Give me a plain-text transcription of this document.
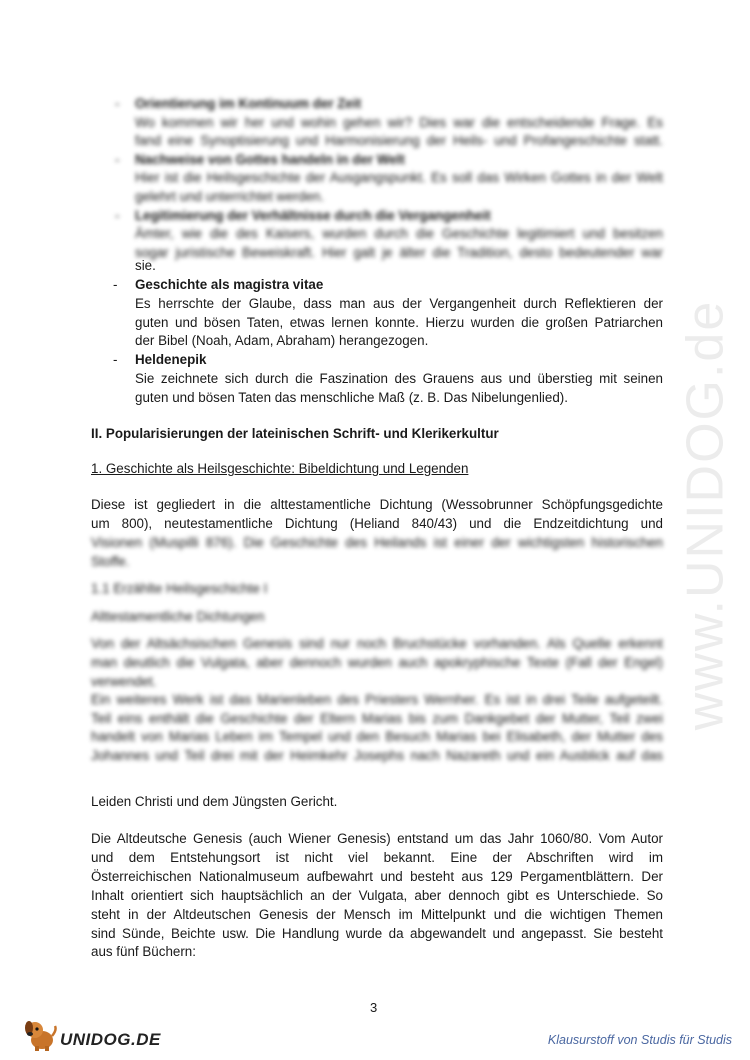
www.UNIDOG.de
- Orientierung im Kontinuum der Zeit
Wo kommen wir her und wohin gehen wir? Dies war die entscheidende Frage. Es
fand eine Synoptisierung und Harmonisierung der Heils- und Profangeschichte statt.
- Nachweise von Gottes handeln in der Welt
Hier ist die Heilsgeschichte der Ausgangspunkt. Es soll das Wirken Gottes in der Welt
gelehrt und unterrichtet werden.
- Legitimierung der Verhältnisse durch die Vergangenheit
Ämter, wie die des Kaisers, wurden durch die Geschichte legitimiert und besitzen
sogar juristische Beweiskraft. Hier galt je älter die Tradition, desto bedeutender war
sie.
- Geschichte als magistra vitae
Es herrschte der Glaube, dass man aus der Vergangenheit durch Reflektieren der
guten und bösen Taten, etwas lernen konnte. Hierzu wurden die großen Patriarchen
der Bibel (Noah, Adam, Abraham) herangezogen.
- Heldenepik
Sie zeichnete sich durch die Faszination des Grauens aus und überstieg mit seinen
guten und bösen Taten das menschliche Maß (z. B. Das Nibelungenlied).
II. Popularisierungen der lateinischen Schrift- und Klerikerkultur
1. Geschichte als Heilsgeschichte: Bibeldichtung und Legenden
Diese ist gegliedert in die alttestamentliche Dichtung (Wessobrunner Schöpfungsgedichte
um 800), neutestamentliche Dichtung (Heliand 840/43) und die Endzeitdichtung und
Visionen (Muspilli 876). Die Geschichte des Heilands ist einer der wichtigsten historischen
Stoffe.
1.1 Erzählte Heilsgeschichte I
Alttestamentliche Dichtungen
Von der Altsächsischen Genesis sind nur noch Bruchstücke vorhanden. Als Quelle erkennt
man deutlich die Vulgata, aber dennoch wurden auch apokryphische Texte (Fall der Engel)
verwendet.
Ein weiteres Werk ist das Marienleben des Priesters Wernher. Es ist in drei Teile aufgeteilt.
Teil eins enthält die Geschichte der Eltern Marias bis zum Dankgebet der Mutter, Teil zwei
handelt von Marias Leben im Tempel und den Besuch Marias bei Elisabeth, der Mutter des
Johannes und Teil drei mit der Heimkehr Josephs nach Nazareth und ein Ausblick auf das
Leiden Christi und dem Jüngsten Gericht.
Die Altdeutsche Genesis (auch Wiener Genesis) entstand um das Jahr 1060/80. Vom Autor
und dem Entstehungsort ist nicht viel bekannt. Eine der Abschriften wird im
Österreichischen Nationalmuseum aufbewahrt und besteht aus 129 Pergamentblättern. Der
Inhalt orientiert sich hauptsächlich an der Vulgata, aber dennoch gibt es Unterschiede. So
steht in der Altdeutschen Genesis der Mensch im Mittelpunkt und die wichtigen Themen
sind Sünde, Beichte usw. Die Handlung wurde da abgewandelt und angepasst. Sie besteht
aus fünf Büchern:
3
UNIDOG.DE	Klausurstoff von Studis für Studis
